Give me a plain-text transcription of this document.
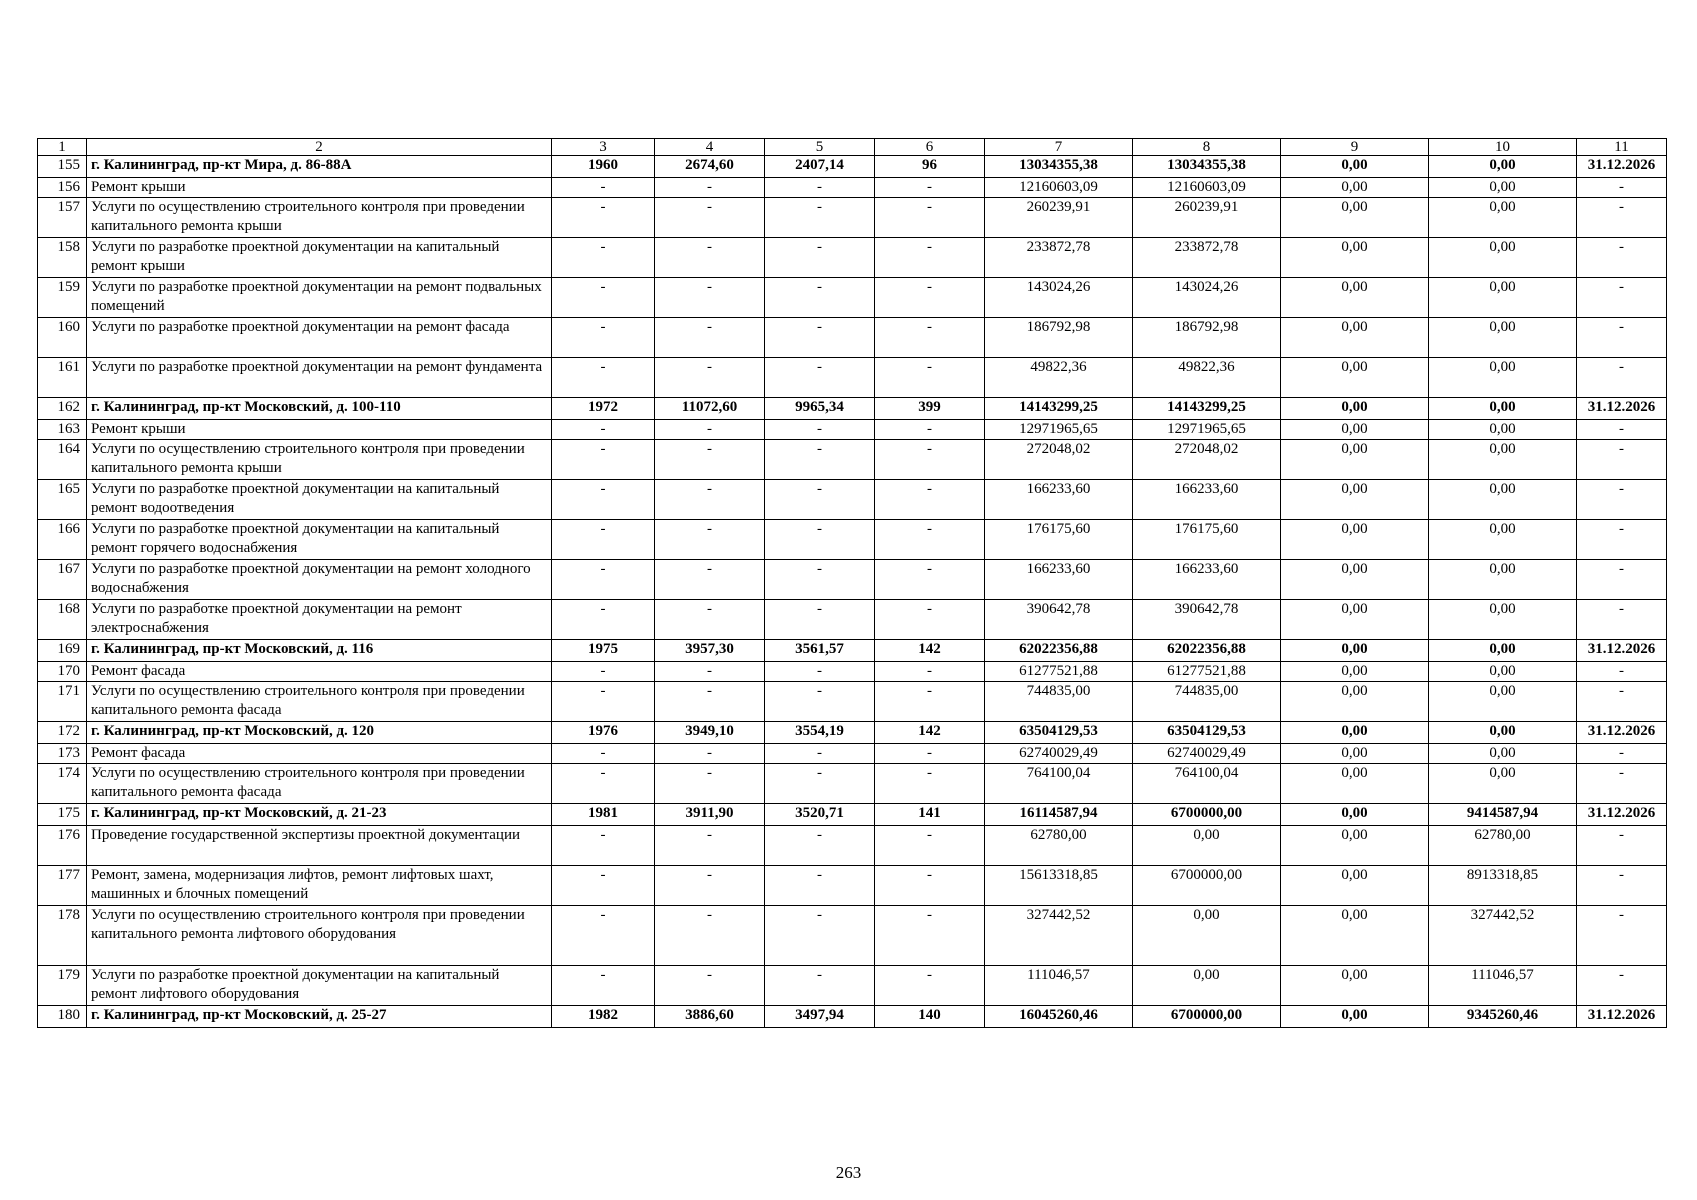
1	2	3	4	5	6	7	8	9	10	11
155	г. Калининград, пр-кт Мира, д. 86-88А	1960	2674,60	2407,14	96	13034355,38	13034355,38	0,00	0,00	31.12.2026
156	Ремонт крыши	-	-	-	-	12160603,09	12160603,09	0,00	0,00	-
157	Услуги по осуществлению строительного контроля при проведении капитального ремонта крыши	-	-	-	-	260239,91	260239,91	0,00	0,00	-
158	Услуги по разработке проектной документации на капитальный ремонт крыши	-	-	-	-	233872,78	233872,78	0,00	0,00	-
159	Услуги по разработке проектной документации на ремонт подвальных помещений	-	-	-	-	143024,26	143024,26	0,00	0,00	-
160	Услуги по разработке проектной документации на ремонт фасада	-	-	-	-	186792,98	186792,98	0,00	0,00	-
161	Услуги по разработке проектной документации на ремонт фундамента	-	-	-	-	49822,36	49822,36	0,00	0,00	-
162	г. Калининград, пр-кт Московский, д. 100-110	1972	11072,60	9965,34	399	14143299,25	14143299,25	0,00	0,00	31.12.2026
163	Ремонт крыши	-	-	-	-	12971965,65	12971965,65	0,00	0,00	-
164	Услуги по осуществлению строительного контроля при проведении капитального ремонта крыши	-	-	-	-	272048,02	272048,02	0,00	0,00	-
165	Услуги по разработке проектной документации на капитальный ремонт водоотведения	-	-	-	-	166233,60	166233,60	0,00	0,00	-
166	Услуги по разработке проектной документации на капитальный ремонт горячего водоснабжения	-	-	-	-	176175,60	176175,60	0,00	0,00	-
167	Услуги по разработке проектной документации на ремонт холодного водоснабжения	-	-	-	-	166233,60	166233,60	0,00	0,00	-
168	Услуги по разработке проектной документации на ремонт электроснабжения	-	-	-	-	390642,78	390642,78	0,00	0,00	-
169	г. Калининград, пр-кт Московский, д. 116	1975	3957,30	3561,57	142	62022356,88	62022356,88	0,00	0,00	31.12.2026
170	Ремонт фасада	-	-	-	-	61277521,88	61277521,88	0,00	0,00	-
171	Услуги по осуществлению строительного контроля при проведении капитального ремонта фасада	-	-	-	-	744835,00	744835,00	0,00	0,00	-
172	г. Калининград, пр-кт Московский, д. 120	1976	3949,10	3554,19	142	63504129,53	63504129,53	0,00	0,00	31.12.2026
173	Ремонт фасада	-	-	-	-	62740029,49	62740029,49	0,00	0,00	-
174	Услуги по осуществлению строительного контроля при проведении капитального ремонта фасада	-	-	-	-	764100,04	764100,04	0,00	0,00	-
175	г. Калининград, пр-кт Московский, д. 21-23	1981	3911,90	3520,71	141	16114587,94	6700000,00	0,00	9414587,94	31.12.2026
176	Проведение государственной экспертизы проектной документации	-	-	-	-	62780,00	0,00	0,00	62780,00	-
177	Ремонт, замена, модернизация лифтов, ремонт лифтовых шахт, машинных и блочных помещений	-	-	-	-	15613318,85	6700000,00	0,00	8913318,85	-
178	Услуги по осуществлению строительного контроля при проведении капитального ремонта лифтового оборудования	-	-	-	-	327442,52	0,00	0,00	327442,52	-
179	Услуги по разработке проектной документации на капитальный ремонт лифтового оборудования	-	-	-	-	111046,57	0,00	0,00	111046,57	-
180	г. Калининград, пр-кт Московский, д. 25-27	1982	3886,60	3497,94	140	16045260,46	6700000,00	0,00	9345260,46	31.12.2026
263
